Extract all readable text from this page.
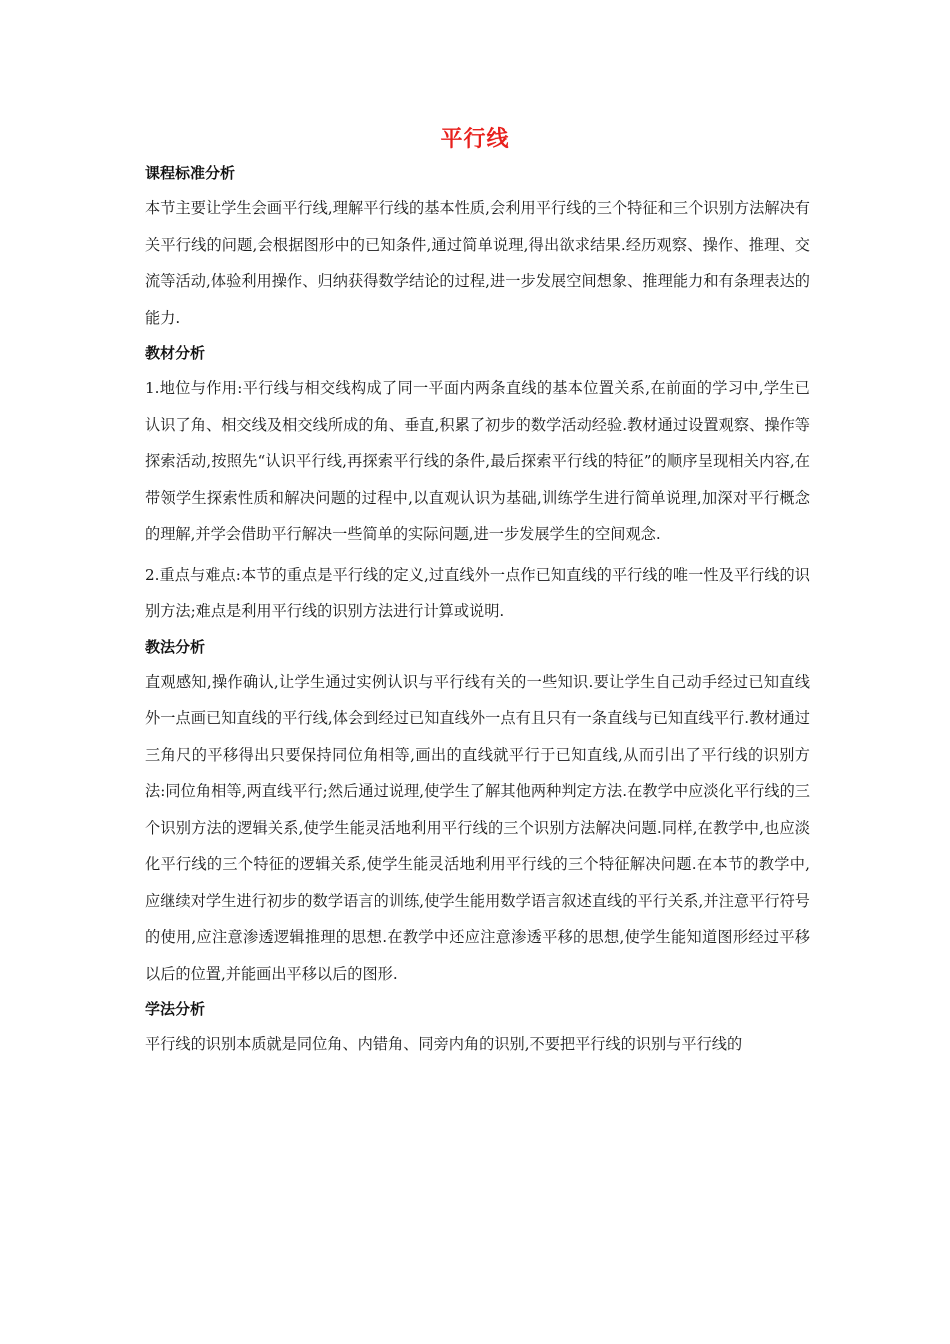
平行线
课程标准分析

本节主要让学生会画平行线,理解平行线的基本性质,会利用平行线的三个特征和三个识别方法解决有关平行线的问题,会根据图形中的已知条件,通过简单说理,得出欲求结果.经历观察、操作、推理、交流等活动,体验利用操作、归纳获得数学结论的过程,进一步发展空间想象、推理能力和有条理表达的能力.

教材分析

1.地位与作用:平行线与相交线构成了同一平面内两条直线的基本位置关系,在前面的学习中,学生已认识了角、相交线及相交线所成的角、垂直,积累了初步的数学活动经验.教材通过设置观察、操作等探索活动,按照先“认识平行线,再探索平行线的条件,最后探索平行线的特征”的顺序呈现相关内容,在带领学生探索性质和解决问题的过程中,以直观认识为基础,训练学生进行简单说理,加深对平行概念的理解,并学会借助平行解决一些简单的实际问题,进一步发展学生的空间观念.

2.重点与难点:本节的重点是平行线的定义,过直线外一点作已知直线的平行线的唯一性及平行线的识别方法;难点是利用平行线的识别方法进行计算或说明.

教法分析

直观感知,操作确认,让学生通过实例认识与平行线有关的一些知识.要让学生自己动手经过已知直线外一点画已知直线的平行线,体会到经过已知直线外一点有且只有一条直线与已知直线平行.教材通过三角尺的平移得出只要保持同位角相等,画出的直线就平行于已知直线,从而引出了平行线的识别方法:同位角相等,两直线平行;然后通过说理,使学生了解其他两种判定方法.在教学中应淡化平行线的三个识别方法的逻辑关系,使学生能灵活地利用平行线的三个识别方法解决问题.同样,在教学中,也应淡化平行线的三个特征的逻辑关系,使学生能灵活地利用平行线的三个特征解决问题.在本节的教学中,应继续对学生进行初步的数学语言的训练,使学生能用数学语言叙述直线的平行关系,并注意平行符号的使用,应注意渗透逻辑推理的思想.在教学中还应注意渗透平移的思想,使学生能知道图形经过平移以后的位置,并能画出平移以后的图形.

学法分析

平行线的识别本质就是同位角、内错角、同旁内角的识别,不要把平行线的识别与平行线的
